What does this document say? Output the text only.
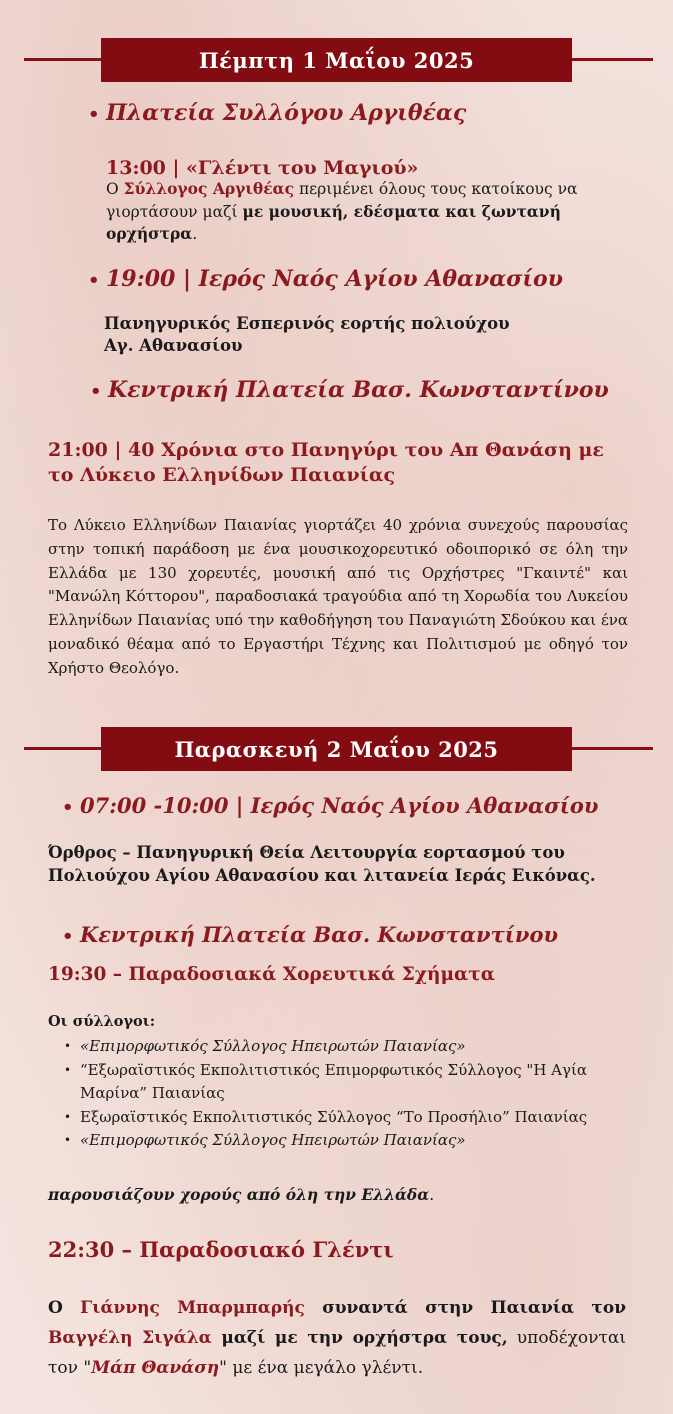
Πέμπτη 1 Μαΐου 2025
• Πλατεία Συλλόγου Αργιθέας
13:00 | «Γλέντι του Μαγιού»
Ο Σύλλογος Αργιθέας περιμένει όλους τους κατοίκους να γιορτάσουν μαζί με μουσική, εδέσματα και ζωντανή ορχήστρα.
• 19:00 | Ιερός Ναός Αγίου Αθανασίου
Πανηγυρικός Εσπερινός εορτής πολιούχου Αγ. Αθανασίου
• Κεντρική Πλατεία Βασ. Κωνσταντίνου
21:00 | 40 Χρόνια στο Πανηγύρι του Απ Θανάση με το Λύκειο Ελληνίδων Παιανίας
Το Λύκειο Ελληνίδων Παιανίας γιορτάζει 40 χρόνια συνεχούς παρουσίας στην τοπική παράδοση με ένα μουσικοχορευτικό οδοιπορικό σε όλη την Ελλάδα με 130 χορευτές, μουσική από τις Ορχήστρες "Γκαιντέ" και "Μανώλη Κόττορου", παραδοσιακά τραγούδια από τη Χορωδία του Λυκείου Ελληνίδων Παιανίας υπό την καθοδήγηση του Παναγιώτη Σδούκου και ένα μοναδικό θέαμα από το Εργαστήρι Τέχνης και Πολιτισμού με οδηγό τον Χρήστο Θεολόγο.
Παρασκευή 2 Μαΐου 2025
• 07:00 -10:00 | Ιερός Ναός Αγίου Αθανασίου
Όρθρος – Πανηγυρική Θεία Λειτουργία εορτασμού του Πολιούχου Αγίου Αθανασίου και λιτανεία Ιεράς Εικόνας.
• Κεντρική Πλατεία Βασ. Κωνσταντίνου
19:30 – Παραδοσιακά Χορευτικά Σχήματα
Οι σύλλογοι:
• «Επιμορφωτικός Σύλλογος Ηπειρωτών Παιανίας»
• “Εξωραϊστικός Εκπολιτιστικός Επιμορφωτικός Σύλλογος "Η Αγία Μαρίνα” Παιανίας
• Εξωραϊστικός Εκπολιτιστικός Σύλλογος “Το Προσήλιο” Παιανίας
• «Επιμορφωτικός Σύλλογος Ηπειρωτών Παιανίας»
παρουσιάζουν χορούς από όλη την Ελλάδα.
22:30 – Παραδοσιακό Γλέντι
Ο Γιάννης Μπαρμπαρής συναντά στην Παιανία τον Βαγγέλη Σιγάλα μαζί με την ορχήστρα τους, υποδέχονται τον "Μάπ Θανάση" με ένα μεγάλο γλέντι.
